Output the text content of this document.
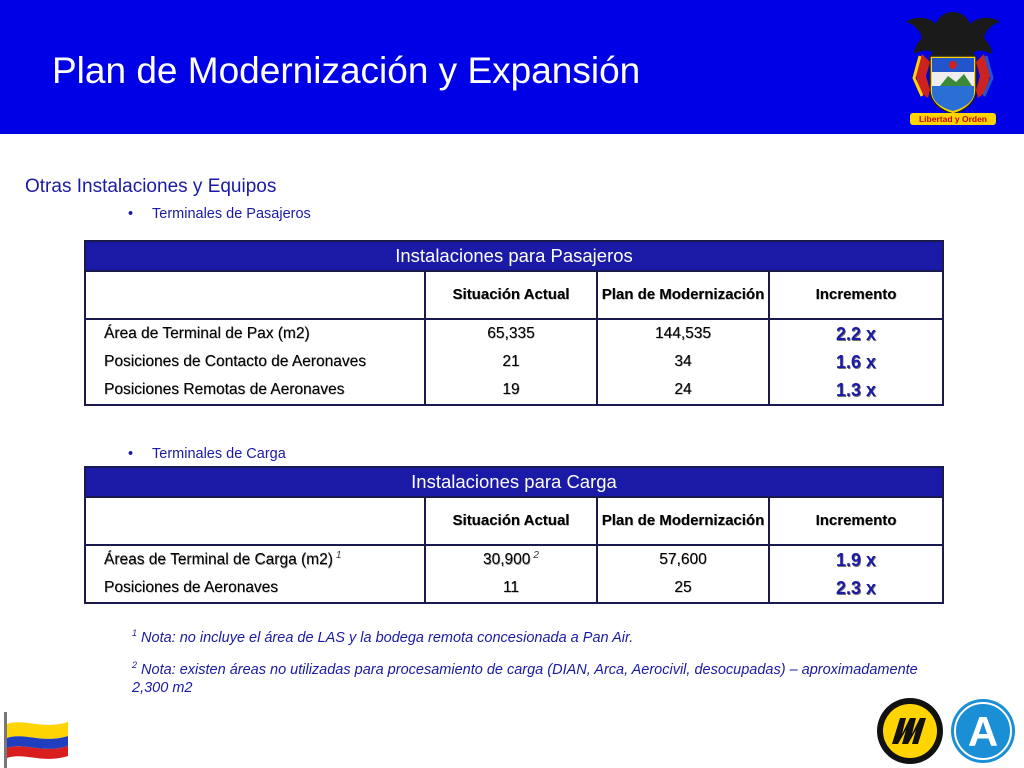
Plan de Modernización y Expansión
Libertad y Orden
Otras Instalaciones y Equipos
• Terminales de Pasajeros
Instalaciones para Pasajeros			
	Situación Actual	Plan de Modernización	Incremento
Área de Terminal de Pax (m2)	65,335	144,535	2.2 x
Posiciones de Contacto de Aeronaves	21	34	1.6 x
Posiciones Remotas de Aeronaves	19	24	1.3 x
• Terminales de Carga
Instalaciones para Carga			
	Situación Actual	Plan de Modernización	Incremento
Áreas de Terminal de Carga (m2) $^1$	30,900 $^2$	57,600	1.9 x
Posiciones de Aeronaves	11	25	2.3 x
$^1$ Nota: no incluye el área de LAS y la bodega remota concesionada a Pan Air.
$^2$ Nota: existen áreas no utilizadas para procesamiento de carga (DIAN, Arca, Aerocivil, desocupadas) – aproximadamente 2,300 m2
A
